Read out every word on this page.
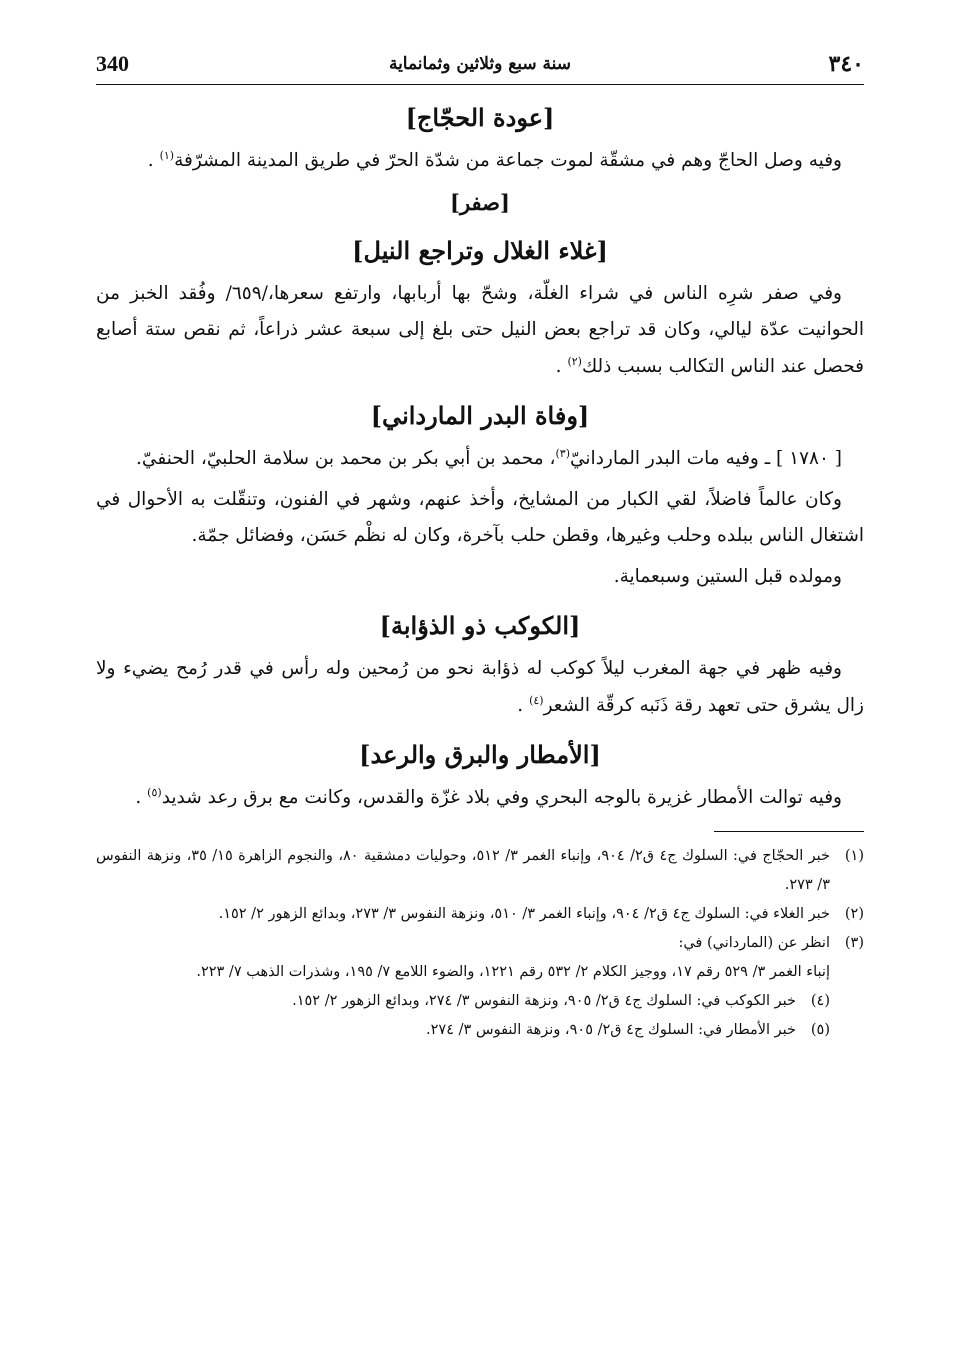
340	سنة سبع وثلاثين وثمانماية	٣٤٠
[عودة الحجّاج]

وفيه وصل الحاجّ وهم في مشقّة لموت جماعة من شدّة الحرّ في طريق المدينة المشرّفة$^{(١)}$ .

[صفر]
[غلاء الغلال وتراجع النيل]

وفي صفر شرِه الناس في شراء الغلّة، وشحّ بها أربابها، وارتفع سعرها،/٦٥٩/ وفُقد الخبز من الحوانيت عدّة ليالي، وكان قد تراجع بعض النيل حتى بلغ إلى سبعة عشر ذراعاً، ثم نقص ستة أصابع فحصل عند الناس التكالب بسبب ذلك$^{(٢)}$ .

[وفاة البدر المارداني]

[ ١٧٨٠ ] ـ وفيه مات البدر الماردانيّ$^{(٣)}$، محمد بن أبي بكر بن محمد بن سلامة الحلبيّ، الحنفيّ.

وكان عالماً فاضلاً، لقي الكبار من المشايخ، وأخذ عنهم، وشهر في الفنون، وتنقّلت به الأحوال في اشتغال الناس ببلده وحلب وغيرها، وقطن حلب بآخرة، وكان له نظْم حَسَن، وفضائل جمّة.

ومولده قبل الستين وسبعماية.

[الكوكب ذو الذؤابة]

وفيه ظهر في جهة المغرب ليلاً كوكب له ذؤابة نحو من رُمحين وله رأس في قدر رُمح يضيء ولا زال يشرق حتى تعهد رقة ذَنَبه كرقّة الشعر$^{(٤)}$ .

[الأمطار والبرق والرعد]

وفيه توالت الأمطار غزيرة بالوجه البحري وفي بلاد غزّة والقدس، وكانت مع برق رعد شديد$^{(٥)}$ .

(١)
خبر الحجّاج في: السلوك ج٤ ق٢/ ٩٠٤، وإنباء الغمر ٣/ ٥١٢، وحوليات دمشقية ٨٠، والنجوم الزاهرة ١٥/ ٣٥، ونزهة النفوس ٣/ ٢٧٣.
(٢)
خبر الغلاء في: السلوك ج٤ ق٢/ ٩٠٤، وإنباء الغمر ٣/ ٥١٠، ونزهة النفوس ٣/ ٢٧٣، وبدائع الزهور ٢/ ١٥٢.
(٣)
انظر عن (المارداني) في:
إنباء الغمر ٣/ ٥٢٩ رقم ١٧، ووجيز الكلام ٢/ ٥٣٢ رقم ١٢٢١، والضوء اللامع ٧/ ١٩٥، وشذرات الذهب ٧/ ٢٢٣.
(٤)
خبر الكوكب في: السلوك ج٤ ق٢/ ٩٠٥، ونزهة النفوس ٣/ ٢٧٤، وبدائع الزهور ٢/ ١٥٢.
(٥)
خبر الأمطار في: السلوك ج٤ ق٢/ ٩٠٥، ونزهة النفوس ٣/ ٢٧٤.
